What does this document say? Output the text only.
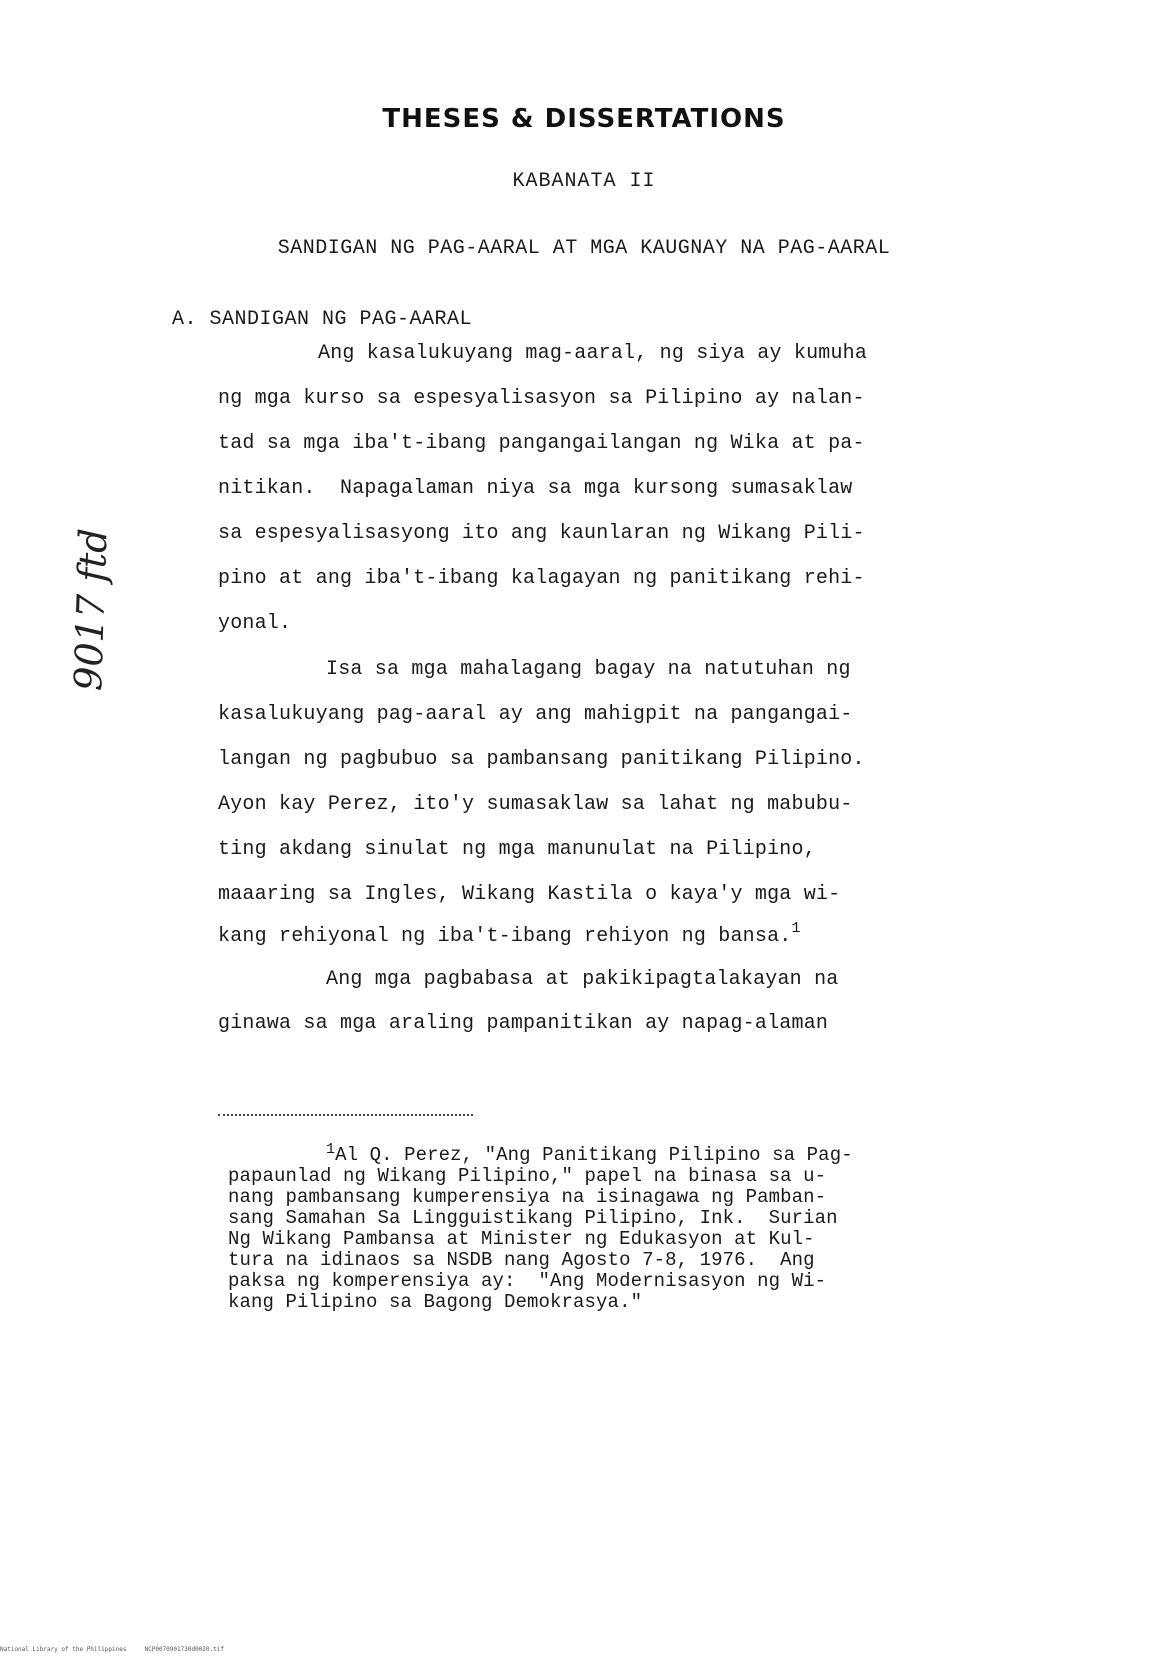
THESES & DISSERTATIONS
KABANATA II
SANDIGAN NG PAG-AARAL AT MGA KAUGNAY NA PAG-AARAL
A. SANDIGAN NG PAG-AARAL
9017 ftd
Ang kasalukuyang mag-aaral, ng siya ay kumuha
ng mga kurso sa espesyalisasyon sa Pilipino ay nalan-
tad sa mga iba't-ibang pangangailangan ng Wika at pa-
nitikan.  Napagalaman niya sa mga kursong sumasaklaw
sa espesyalisasyong ito ang kaunlaran ng Wikang Pili-
pino at ang iba't-ibang kalagayan ng panitikang rehi-
yonal.
Isa sa mga mahalagang bagay na natutuhan ng
kasalukuyang pag-aaral ay ang mahigpit na pangangai-
langan ng pagbubuo sa pambansang panitikang Pilipino.
Ayon kay Perez, ito'y sumasaklaw sa lahat ng mabubu-
ting akdang sinulat ng mga manunulat na Pilipino,
maaaring sa Ingles, Wikang Kastila o kaya'y mga wi-
kang rehiyonal ng iba't-ibang rehiyon ng bansa.$^1$
Ang mga pagbabasa at pakikipagtalakayan na
ginawa sa mga araling pampanitikan ay napag-alaman
$^1$Al Q. Perez, "Ang Panitikang Pilipino sa Pag-
papaunlad ng Wikang Pilipino," papel na binasa sa u-
nang pambansang kumperensiya na isinagawa ng Pamban-
sang Samahan Sa Lingguistikang Pilipino, Ink.  Surian
Ng Wikang Pambansa at Minister ng Edukasyon at Kul-
tura na idinaos sa NSDB nang Agosto 7-8, 1976.  Ang
paksa ng komperensiya ay:  "Ang Modernisasyon ng Wi-
kang Pilipino sa Bagong Demokrasya."
National Library of the Philippines	NCP0070901730d0020.tif
